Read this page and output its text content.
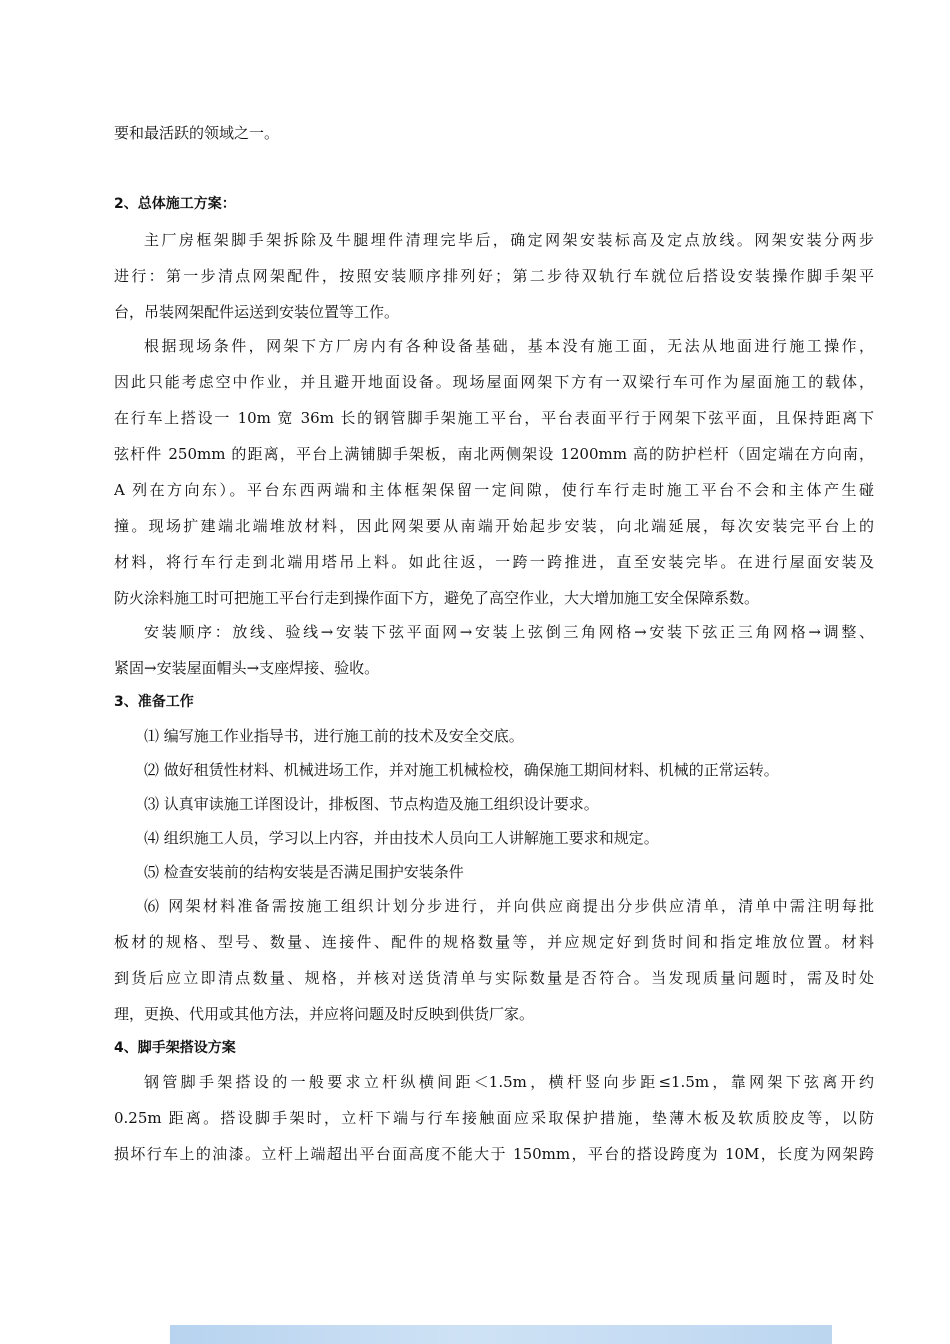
要和最活跃的领域之一。

2、总体施工方案：

主厂房框架脚手架拆除及牛腿埋件清理完毕后，确定网架安装标高及定点放线。网架安装分两步

进行：第一步清点网架配件，按照安装顺序排列好；第二步待双轨行车就位后搭设安装操作脚手架平

台，吊装网架配件运送到安装位置等工作。

根据现场条件，网架下方厂房内有各种设备基础，基本没有施工面，无法从地面进行施工操作，

因此只能考虑空中作业，并且避开地面设备。现场屋面网架下方有一双梁行车可作为屋面施工的载体，

在行车上搭设一 10m 宽 36m 长的钢管脚手架施工平台，平台表面平行于网架下弦平面，且保持距离下

弦杆件 250mm 的距离，平台上满铺脚手架板，南北两侧架设 1200mm 高的防护栏杆（固定端在方向南，

A 列在方向东）。平台东西两端和主体框架保留一定间隙，使行车行走时施工平台不会和主体产生碰

撞。现场扩建端北端堆放材料，因此网架要从南端开始起步安装，向北端延展，每次安装完平台上的

材料，将行车行走到北端用塔吊上料。如此往返，一跨一跨推进，直至安装完毕。在进行屋面安装及

防火涂料施工时可把施工平台行走到操作面下方，避免了高空作业，大大增加施工安全保障系数。

安装顺序：放线、验线→安装下弦平面网→安装上弦倒三角网格→安装下弦正三角网格→调整、

紧固→安装屋面帽头→支座焊接、验收。

3、准备工作

⑴ 编写施工作业指导书，进行施工前的技术及安全交底。

⑵ 做好租赁性材料、机械进场工作，并对施工机械检校，确保施工期间材料、机械的正常运转。

⑶ 认真审读施工详图设计，排板图、节点构造及施工组织设计要求。

⑷ 组织施工人员，学习以上内容，并由技术人员向工人讲解施工要求和规定。

⑸ 检查安装前的结构安装是否满足围护安装条件

⑹ 网架材料准备需按施工组织计划分步进行，并向供应商提出分步供应清单，清单中需注明每批

板材的规格、型号、数量、连接件、配件的规格数量等，并应规定好到货时间和指定堆放位置。材料

到货后应立即清点数量、规格，并核对送货清单与实际数量是否符合。当发现质量问题时，需及时处

理，更换、代用或其他方法，并应将问题及时反映到供货厂家。

4、脚手架搭设方案

钢管脚手架搭设的一般要求立杆纵横间距＜1.5m，横杆竖向步距≤1.5m，靠网架下弦离开约

0.25m 距离。搭设脚手架时，立杆下端与行车接触面应采取保护措施，垫薄木板及软质胶皮等，以防

损坏行车上的油漆。立杆上端超出平台面高度不能大于 150mm，平台的搭设跨度为 10M，长度为网架跨
